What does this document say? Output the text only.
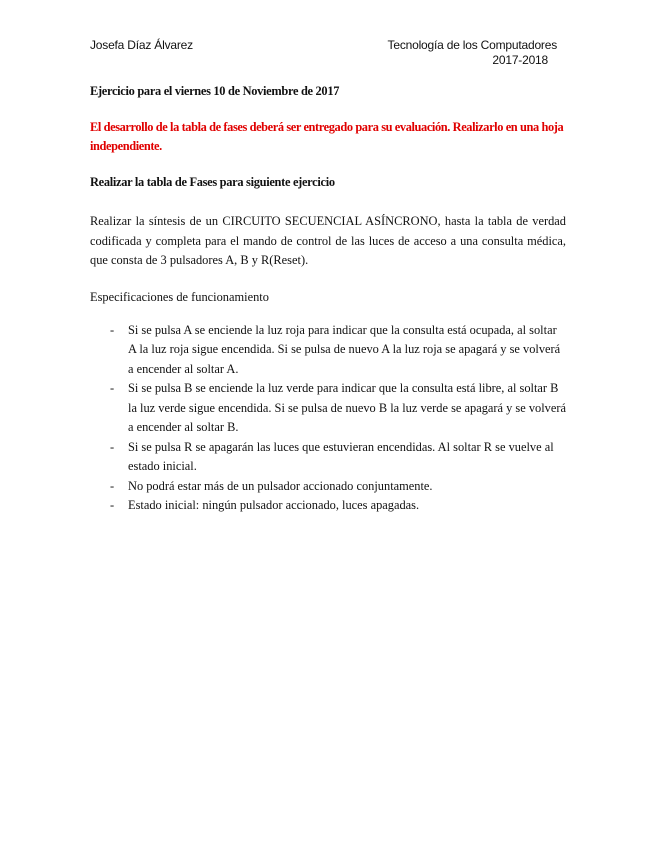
Josefa Díaz Álvarez	Tecnología de los Computadores
2017-2018

Ejercicio para el viernes 10 de Noviembre de 2017

El desarrollo de la tabla de fases deberá ser entregado para su evaluación. Realizarlo en una hoja independiente.

Realizar la tabla de Fases para siguiente ejercicio

Realizar la síntesis de un CIRCUITO SECUENCIAL ASÍNCRONO, hasta la tabla de verdad codificada y completa para el mando de control de las luces de acceso a una consulta médica, que consta de 3 pulsadores A, B y R(Reset).

Especificaciones de funcionamiento

- Si se pulsa A se enciende la luz roja para indicar que la consulta está ocupada, al soltar A la luz roja sigue encendida. Si se pulsa de nuevo A la luz roja se apagará y se volverá a encender al soltar A.
- Si se pulsa B se enciende la luz verde para indicar que la consulta está libre, al soltar B la luz verde sigue encendida. Si se pulsa de nuevo B la luz verde se apagará y se volverá a encender al soltar B.
- Si se pulsa R se apagarán las luces que estuvieran encendidas. Al soltar R se vuelve al estado inicial.
- No podrá estar más de un pulsador accionado conjuntamente.
- Estado inicial: ningún pulsador accionado, luces apagadas.
